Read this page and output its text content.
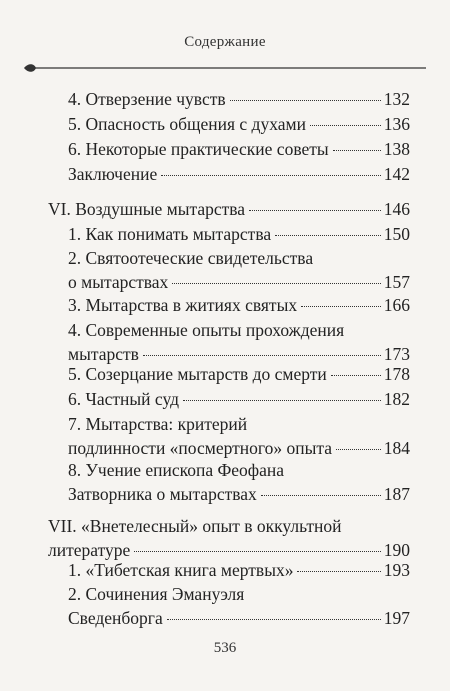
Содержание
4. Отверзение чувств	132
5. Опасность общения с духами	136
6. Некоторые практические советы	138
Заключение	142
VI. Воздушные мытарства	146
1. Как понимать мытарства	150
2. Святоотеческие свидетельства
о мытарствах	157
3. Мытарства в житиях святых	166
4. Современные опыты прохождения
мытарств	173
5. Созерцание мытарств до смерти	178
6. Частный суд	182
7. Мытарства: критерий
подлинности «посмертного» опыта	184
8. Учение епископа Феофана
Затворника о мытарствах	187
VII. «Внетелесный» опыт в оккультной
литературе	190
1. «Тибетская книга мертвых»	193
2. Сочинения Эмануэля
Сведенборга	197
536
